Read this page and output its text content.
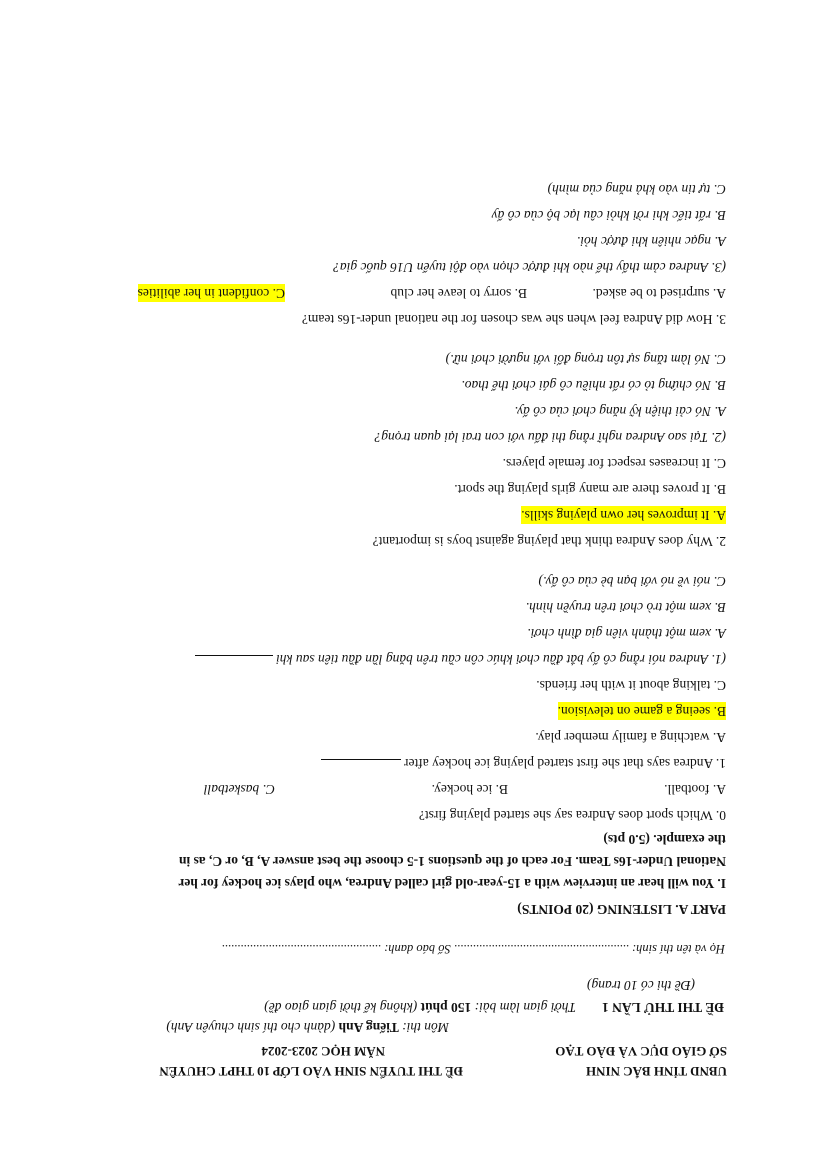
UBND TỈNH BẮC NINH
SỞ GIÁO DỤC VÀ ĐÀO TẠO
ĐỀ THI TUYỂN SINH VÀO LỚP 10 THPT CHUYÊN
NĂM HỌC 2023-2024
Môn thi: Tiếng Anh (dành cho thí sinh chuyên Anh)
ĐỀ THI THỬ LẦN 1
Thời gian làm bài: 150 phút (không kể thời gian giao đề)
(Đề thi có 10 trang)
Họ và tên thí sinh: ........................................................ Số báo danh: ...................................................
PART A. LISTENING (20 POINTS)
I. You will hear an interview with a 15-year-old girl called Andrea, who plays ice hockey for her
National Under-16s Team. For each of the questions 1-5 choose the best answer A, B, or C, as in
the example. (5.0 pts)
0. Which sport does Andrea say she started playing first?
A. football.
B. ice hockey.
C. basketball
1. Andrea says that she first started playing ice hockey after
A. watching a family member play.
B. seeing a game on television.
C. talking about it with her friends.
(1. Andrea nói rằng cô ấy bắt đầu chơi khúc côn cầu trên băng lần đầu tiên sau khi
A. xem một thành viên gia đình chơi.
B. xem một trò chơi trên truyền hình.
C. nói về nó với bạn bè của cô ấy.)
2. Why does Andrea think that playing against boys is important?
A. It improves her own playing skills.
B. It proves there are many girls playing the sport.
C. It increases respect for female players.
(2. Tại sao Andrea nghĩ rằng thi đấu với con trai lại quan trọng?
A. Nó cải thiện kỹ năng chơi của cô ấy.
B. Nó chứng tỏ có rất nhiều cô gái chơi thể thao.
C. Nó làm tăng sự tôn trọng đối với người chơi nữ.)
3. How did Andrea feel when she was chosen for the national under-16s team?
A. surprised to be asked.
B. sorry to leave her club
C. confident in her abilities
(3. Andrea cảm thấy thế nào khi được chọn vào đội tuyển U16 quốc gia?
A. ngạc nhiên khi được hỏi.
B. rất tiếc khi rời khỏi câu lạc bộ của cô ấy
C. tự tin vào khả năng của mình)
